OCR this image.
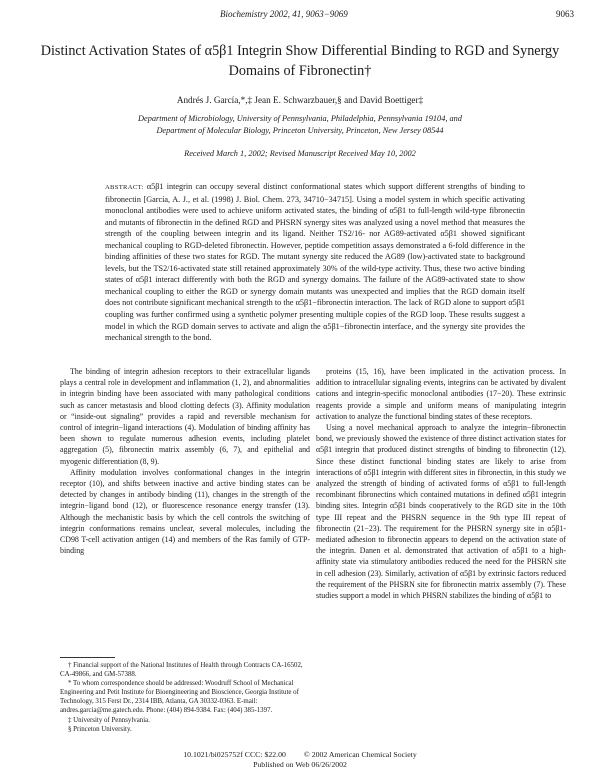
Biochemistry 2002, 41, 9063−9069	9063
Distinct Activation States of α5β1 Integrin Show Differential Binding to RGD and Synergy Domains of Fibronectin†
Andrés J. García,*,‡ Jean E. Schwarzbauer,§ and David Boettiger‡
Department of Microbiology, University of Pennsylvania, Philadelphia, Pennsylvania 19104, and
Department of Molecular Biology, Princeton University, Princeton, New Jersey 08544
Received March 1, 2002; Revised Manuscript Received May 10, 2002
ABSTRACT: α5β1 integrin can occupy several distinct conformational states which support different strengths of binding to fibronectin [García, A. J., et al. (1998) J. Biol. Chem. 273, 34710−34715]. Using a model system in which specific activating monoclonal antibodies were used to achieve uniform activated states, the binding of α5β1 to full-length wild-type fibronectin and mutants of fibronectin in the defined RGD and PHSRN synergy sites was analyzed using a novel method that measures the strength of the coupling between integrin and its ligand. Neither TS2/16- nor AG89-activated α5β1 showed significant mechanical coupling to RGD-deleted fibronectin. However, peptide competition assays demonstrated a 6-fold difference in the binding affinities of these two states for RGD. The mutant synergy site reduced the AG89 (low)-activated state to background levels, but the TS2/16-activated state still retained approximately 30% of the wild-type activity. Thus, these two active binding states of α5β1 interact differently with both the RGD and synergy domains. The failure of the AG89-activated state to show mechanical coupling to either the RGD or synergy domain mutants was unexpected and implies that the RGD domain itself does not contribute significant mechanical strength to the α5β1−fibronectin interaction. The lack of RGD alone to support α5β1 coupling was further confirmed using a synthetic polymer presenting multiple copies of the RGD loop. These results suggest a model in which the RGD domain serves to activate and align the α5β1−fibronectin interface, and the synergy site provides the mechanical strength to the bond.

The binding of integrin adhesion receptors to their extracellular ligands plays a central role in development and inflammation (1, 2), and abnormalities in integrin binding have been associated with many pathological conditions such as cancer metastasis and blood clotting defects (3). Affinity modulation or “inside-out signaling” provides a rapid and reversible mechanism for control of integrin−ligand interactions (4). Modulation of binding affinity has been shown to regulate numerous adhesion events, including platelet aggregation (5), fibronectin matrix assembly (6, 7), and epithelial and myogenic differentiation (8, 9).

Affinity modulation involves conformational changes in the integrin receptor (10), and shifts between inactive and active binding states can be detected by changes in antibody binding (11), changes in the strength of the integrin−ligand bond (12), or fluorescence resonance energy transfer (13). Although the mechanistic basis by which the cell controls the switching of integrin conformations remains unclear, several molecules, including the CD98 T-cell activation antigen (14) and members of the Ras family of GTP-binding

proteins (15, 16), have been implicated in the activation process. In addition to intracellular signaling events, integrins can be activated by divalent cations and integrin-specific monoclonal antibodies (17−20). These extrinsic reagents provide a simple and uniform means of manipulating integrin activation to analyze the functional binding states of these receptors.

Using a novel mechanical approach to analyze the integrin−fibronectin bond, we previously showed the existence of three distinct activation states for α5β1 integrin that produced distinct strengths of binding to fibronectin (12). Since these distinct functional binding states are likely to arise from interactions of α5β1 integrin with different sites in fibronectin, in this study we analyzed the strength of binding of activated forms of α5β1 to full-length recombinant fibronectins which contained mutations in defined α5β1 integrin binding sites. Integrin α5β1 binds cooperatively to the RGD site in the 10th type III repeat and the PHSRN sequence in the 9th type III repeat of fibronectin (21−23). The requirement for the PHSRN synergy site in α5β1-mediated adhesion to fibronectin appears to depend on the activation state of the integrin. Danen et al. demonstrated that activation of α5β1 to a high-affinity state via stimulatory antibodies reduced the need for the PHSRN site in cell adhesion (23). Similarly, activation of α5β1 by extrinsic factors reduced the requirement of the PHSRN site for fibronectin matrix assembly (7). These studies support a model in which PHSRN stabilizes the binding of α5β1 to

† Financial support of the National Institutes of Health through Contracts CA-16502, CA-49866, and GM-57388.

* To whom correspondence should be addressed: Woodruff School of Mechanical Engineering and Petit Institute for Bioengineering and Bioscience, Georgia Institute of Technology, 315 Ferst Dr., 2314 IBB, Atlanta, GA 30332-0363. E-mail: andres.garcia@me.gatech.edu. Phone: (404) 894-9384. Fax: (404) 385-1397.

‡ University of Pennsylvania.

§ Princeton University.

10.1021/bi025752f CCC: $22.00 © 2002 American Chemical Society
Published on Web 06/26/2002
